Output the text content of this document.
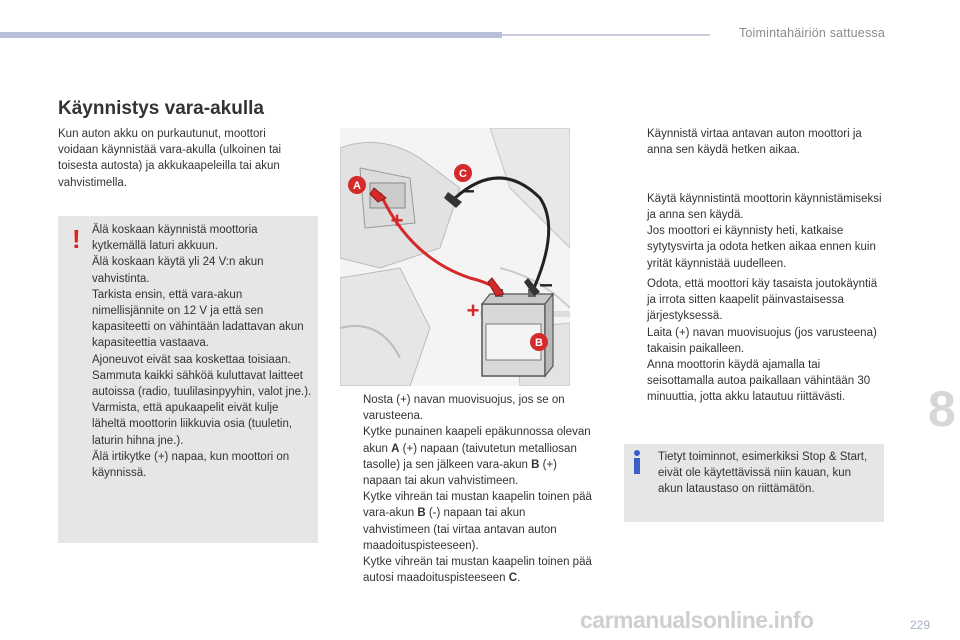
Toimintahäiriön sattuessa
Käynnistys vara-akulla
Kun auton akku on purkautunut, moottori voidaan käynnistää vara-akulla (ulkoinen tai toisesta autosta) ja akkukaapeleilla tai akun vahvistimella.
! Älä koskaan käynnistä moottoria kytkemällä laturi akkuun.
Älä koskaan käytä yli 24 V:n akun vahvistinta.
Tarkista ensin, että vara-akun nimellisjännite on 12 V ja että sen kapasiteetti on vähintään ladattavan akun kapasiteettia vastaava.
Ajoneuvot eivät saa koskettaa toisiaan.
Sammuta kaikki sähköä kuluttavat laitteet autoissa (radio, tuulilasinpyyhin, valot jne.).
Varmista, että apukaapelit eivät kulje läheltä moottorin liikkuvia osia (tuuletin, laturin hihna jne.).
Älä irtikytke (+) napaa, kun moottori on käynnissä.
A
B
C
+
+
–
–
Nosta (+) navan muovisuojus, jos se on varusteena.
Kytke punainen kaapeli epäkunnossa olevan akun A (+) napaan (taivutetun metalliosan tasolle) ja sen jälkeen vara-akun B (+) napaan tai akun vahvistimeen.
Kytke vihreän tai mustan kaapelin toinen pää vara-akun B (-) napaan tai akun vahvistimeen (tai virtaa antavan auton maadoituspisteeseen).
Kytke vihreän tai mustan kaapelin toinen pää autosi maadoituspisteeseen C.
Käynnistä virtaa antavan auton moottori ja anna sen käydä hetken aikaa.

Käytä käynnistintä moottorin käynnistämiseksi ja anna sen käydä.
Jos moottori ei käynnisty heti, katkaise sytytysvirta ja odota hetken aikaa ennen kuin yrität käynnistää uudelleen.

Odota, että moottori käy tasaista joutokäyntiä ja irrota sitten kaapelit päinvastaisessa järjestyksessä.
Laita (+) navan muovisuojus (jos varusteena) takaisin paikalleen.
Anna moottorin käydä ajamalla tai seisottamalla autoa paikallaan vähintään 30 minuuttia, jotta akku latautuu riittävästi.
Tietyt toiminnot, esimerkiksi Stop & Start, eivät ole käytettävissä niin kauan, kun akun lataustaso on riittämätön.
8
carmanualsonline.info	229
